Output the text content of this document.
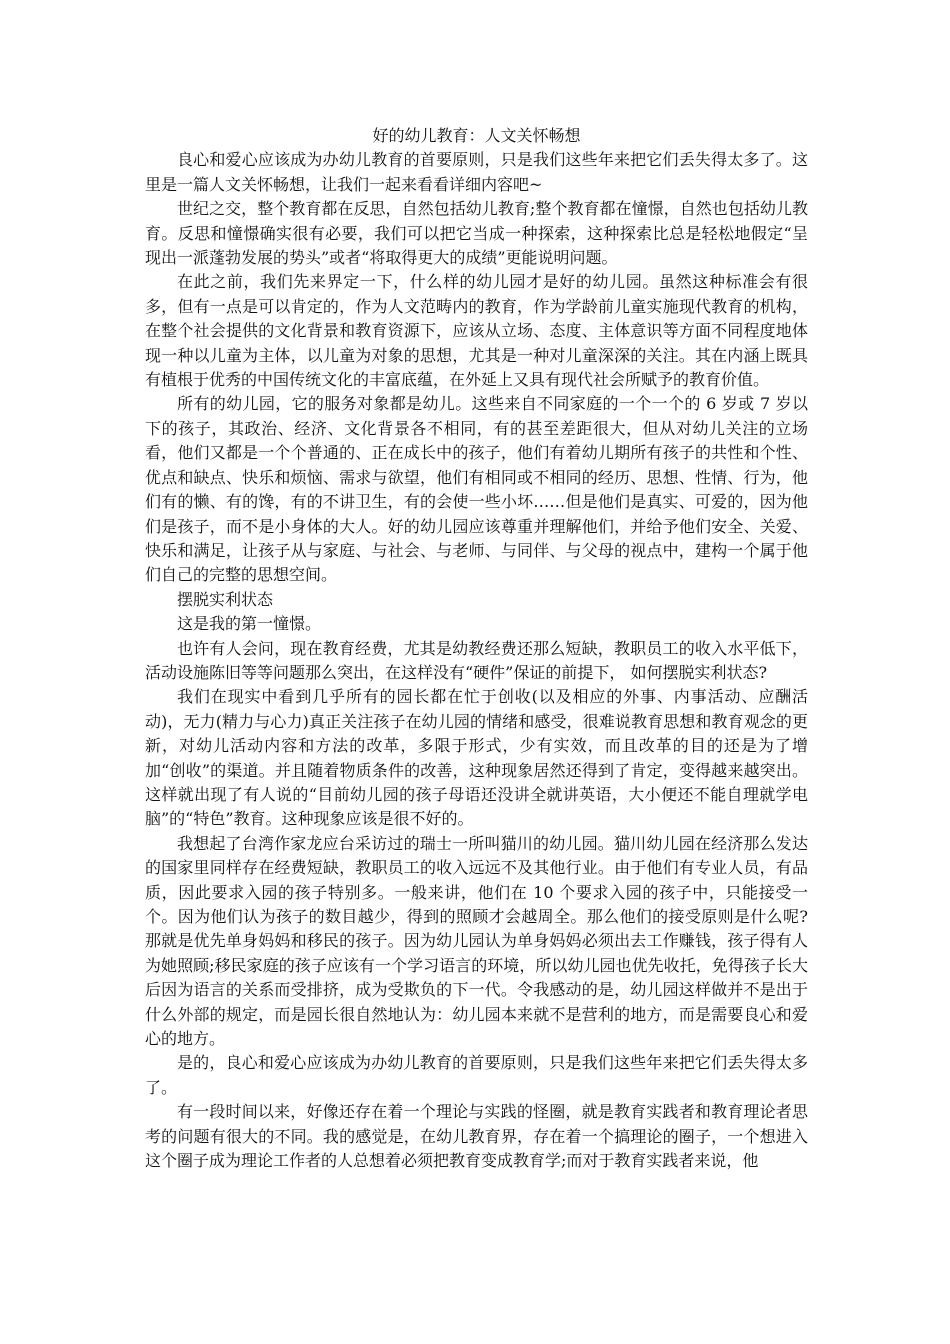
好的幼儿教育：人文关怀畅想

良心和爱心应该成为办幼儿教育的首要原则，只是我们这些年来把它们丢失得太多了。这里是一篇人文关怀畅想，让我们一起来看看详细内容吧~

世纪之交，整个教育都在反思，自然包括幼儿教育;整个教育都在憧憬，自然也包括幼儿教育。反思和憧憬确实很有必要，我们可以把它当成一种探索，这种探索比总是轻松地假定“呈现出一派蓬勃发展的势头”或者“将取得更大的成绩”更能说明问题。

在此之前，我们先来界定一下，什么样的幼儿园才是好的幼儿园。虽然这种标准会有很多，但有一点是可以肯定的，作为人文范畴内的教育，作为学龄前儿童实施现代教育的机构，在整个社会提供的文化背景和教育资源下，应该从立场、态度、主体意识等方面不同程度地体现一种以儿童为主体，以儿童为对象的思想，尤其是一种对儿童深深的关注。其在内涵上既具有植根于优秀的中国传统文化的丰富底蕴，在外延上又具有现代社会所赋予的教育价值。

所有的幼儿园，它的服务对象都是幼儿。这些来自不同家庭的一个一个的 6 岁或 7 岁以下的孩子，其政治、经济、文化背景各不相同，有的甚至差距很大，但从对幼儿关注的立场看，他们又都是一个个普通的、正在成长中的孩子，他们有着幼儿期所有孩子的共性和个性、优点和缺点、快乐和烦恼、需求与欲望，他们有相同或不相同的经历、思想、性情、行为，他们有的懒、有的馋，有的不讲卫生，有的会使一些小坏……但是他们是真实、可爱的，因为他们是孩子，而不是小身体的大人。好的幼儿园应该尊重并理解他们，并给予他们安全、关爱、快乐和满足，让孩子从与家庭、与社会、与老师、与同伴、与父母的视点中，建构一个属于他们自己的完整的思想空间。

摆脱实利状态

这是我的第一憧憬。

也许有人会问，现在教育经费，尤其是幼教经费还那么短缺，教职员工的收入水平低下，活动设施陈旧等等问题那么突出，在这样没有“硬件”保证的前提下， 如何摆脱实利状态?

我们在现实中看到几乎所有的园长都在忙于创收(以及相应的外事、内事活动、应酬活动)，无力(精力与心力)真正关注孩子在幼儿园的情绪和感受，很难说教育思想和教育观念的更新，对幼儿活动内容和方法的改革，多限于形式，少有实效，而且改革的目的还是为了增加“创收”的渠道。并且随着物质条件的改善，这种现象居然还得到了肯定，变得越来越突出。这样就出现了有人说的“目前幼儿园的孩子母语还没讲全就讲英语，大小便还不能自理就学电脑”的“特色”教育。这种现象应该是很不好的。

我想起了台湾作家龙应台采访过的瑞士一所叫猫川的幼儿园。猫川幼儿园在经济那么发达的国家里同样存在经费短缺，教职员工的收入远远不及其他行业。由于他们有专业人员，有品质，因此要求入园的孩子特别多。一般来讲，他们在 10 个要求入园的孩子中，只能接受一个。因为他们认为孩子的数目越少，得到的照顾才会越周全。那么他们的接受原则是什么呢?那就是优先单身妈妈和移民的孩子。因为幼儿园认为单身妈妈必须出去工作赚钱，孩子得有人为她照顾;移民家庭的孩子应该有一个学习语言的环境，所以幼儿园也优先收托，免得孩子长大后因为语言的关系而受排挤，成为受欺负的下一代。令我感动的是，幼儿园这样做并不是出于什么外部的规定，而是园长很自然地认为：幼儿园本来就不是营利的地方，而是需要良心和爱心的地方。

是的，良心和爱心应该成为办幼儿教育的首要原则，只是我们这些年来把它们丢失得太多了。

有一段时间以来，好像还存在着一个理论与实践的怪圈，就是教育实践者和教育理论者思考的问题有很大的不同。我的感觉是，在幼儿教育界，存在着一个搞理论的圈子，一个想进入这个圈子成为理论工作者的人总想着必须把教育变成教育学;而对于教育实践者来说，他
